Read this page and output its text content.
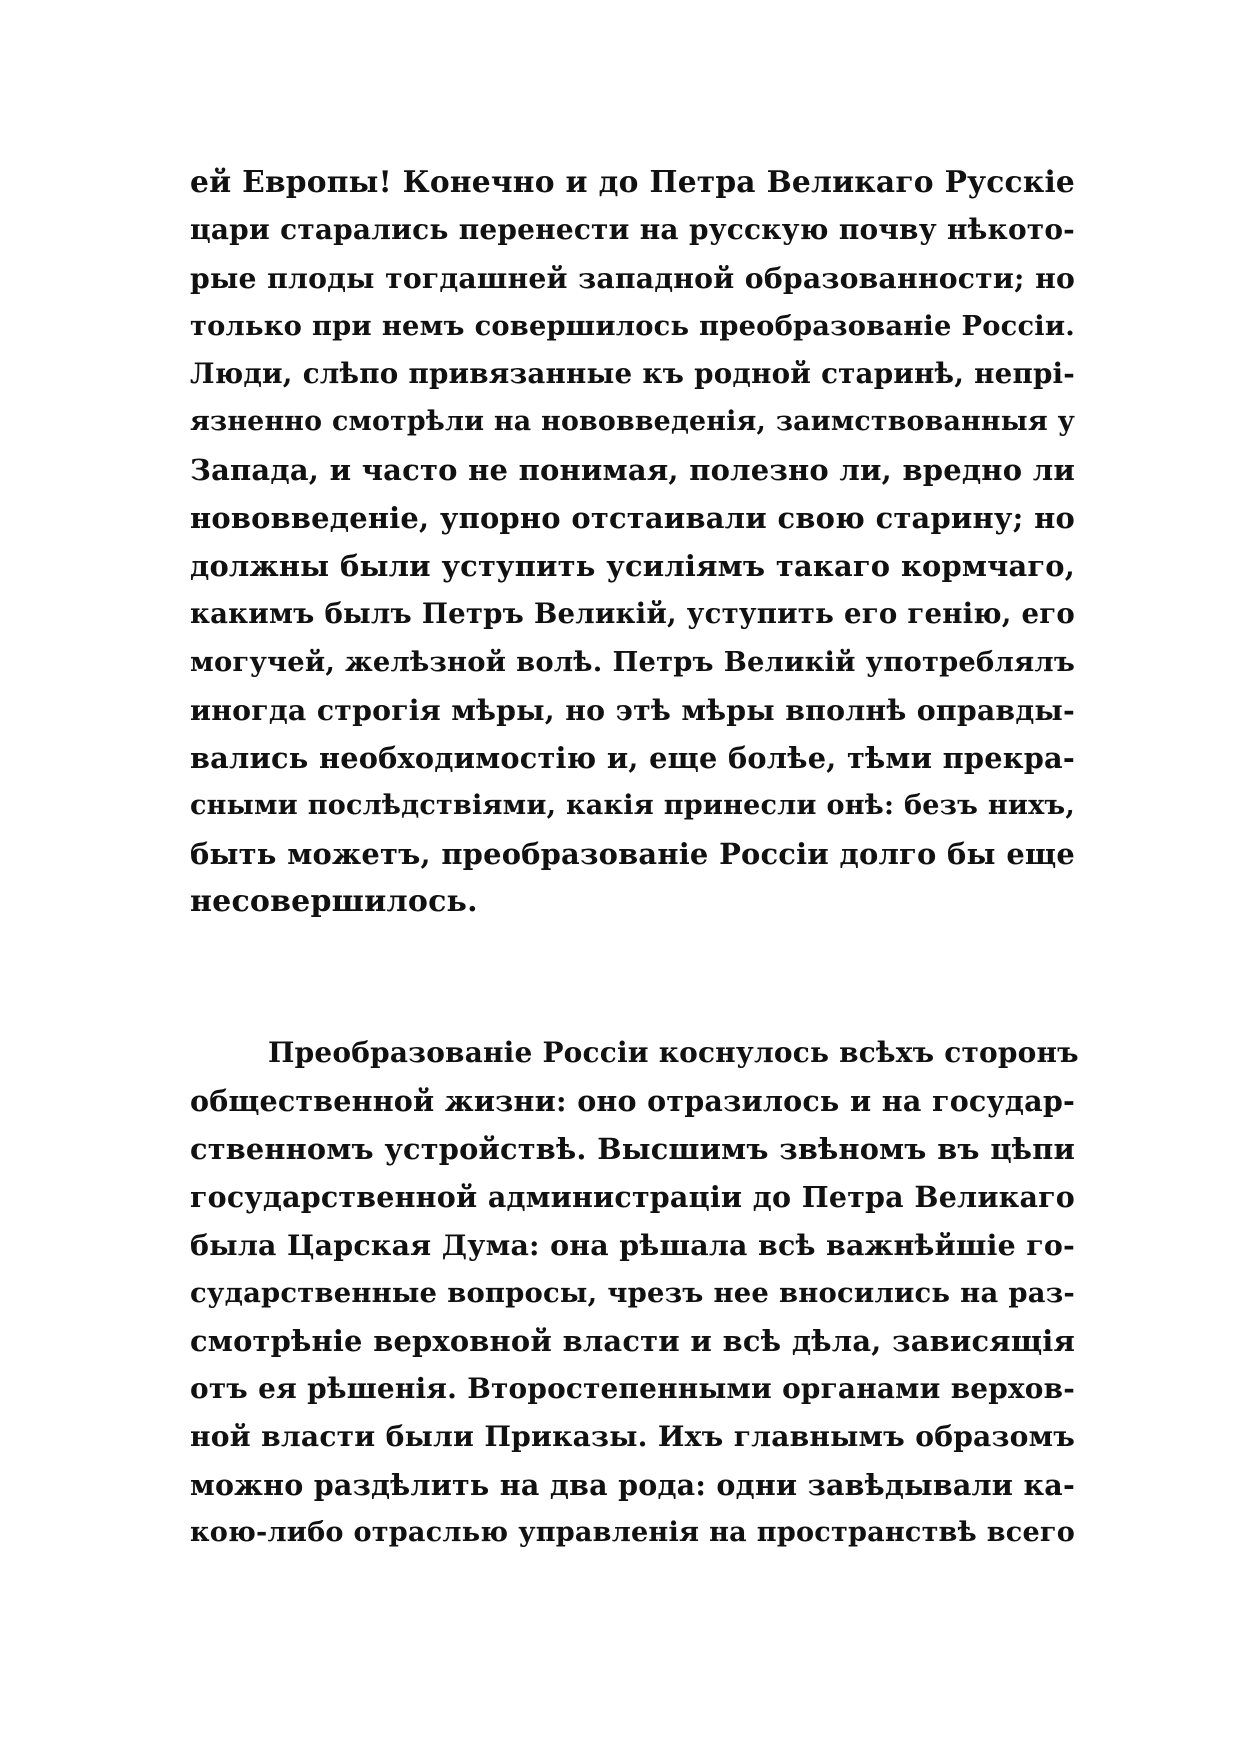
ей Европы! Конечно и до Петра Великаго Русскіе
цари старались перенести на русскую почву нѣкото-
рые плоды тогдашней западной образованности; но
только при немъ совершилось преобразованіе Россіи.
Люди, слѣпо привязанные къ родной старинѣ, непрі-
язненно смотрѣли на нововведенія, заимствованныя у
Запада, и часто не понимая, полезно ли, вредно ли
нововведеніе, упорно отстаивали свою старину; но
должны были уступить усиліямъ такаго кормчаго,
какимъ былъ Петръ Великій, уступить его генію, его
могучей, желѣзной волѣ. Петръ Великій употреблялъ
иногда строгія мѣры, но этѣ мѣры вполнѣ оправды-
вались необходимостію и, еще болѣе, тѣми прекра-
сными послѣдствіями, какія принесли онѣ: безъ нихъ,
быть можетъ, преобразованіе Россіи долго бы еще
несовершилось.
Преобразованіе Россіи коснулось всѣхъ сторонъ
общественной жизни: оно отразилось и на государ-
ственномъ устройствѣ. Высшимъ звѣномъ въ цѣпи
государственной администраціи до Петра Великаго
была Царская Дума: она рѣшала всѣ важнѣйшіе го-
сударственные вопросы, чрезъ нее вносились на раз-
смотрѣніе верховной власти и всѣ дѣла, зависящія
отъ ея рѣшенія. Второстепенными органами верхов-
ной власти были Приказы. Ихъ главнымъ образомъ
можно раздѣлить на два рода: одни завѣдывали ка-
кою-либо отраслью управленія на пространствѣ всего
